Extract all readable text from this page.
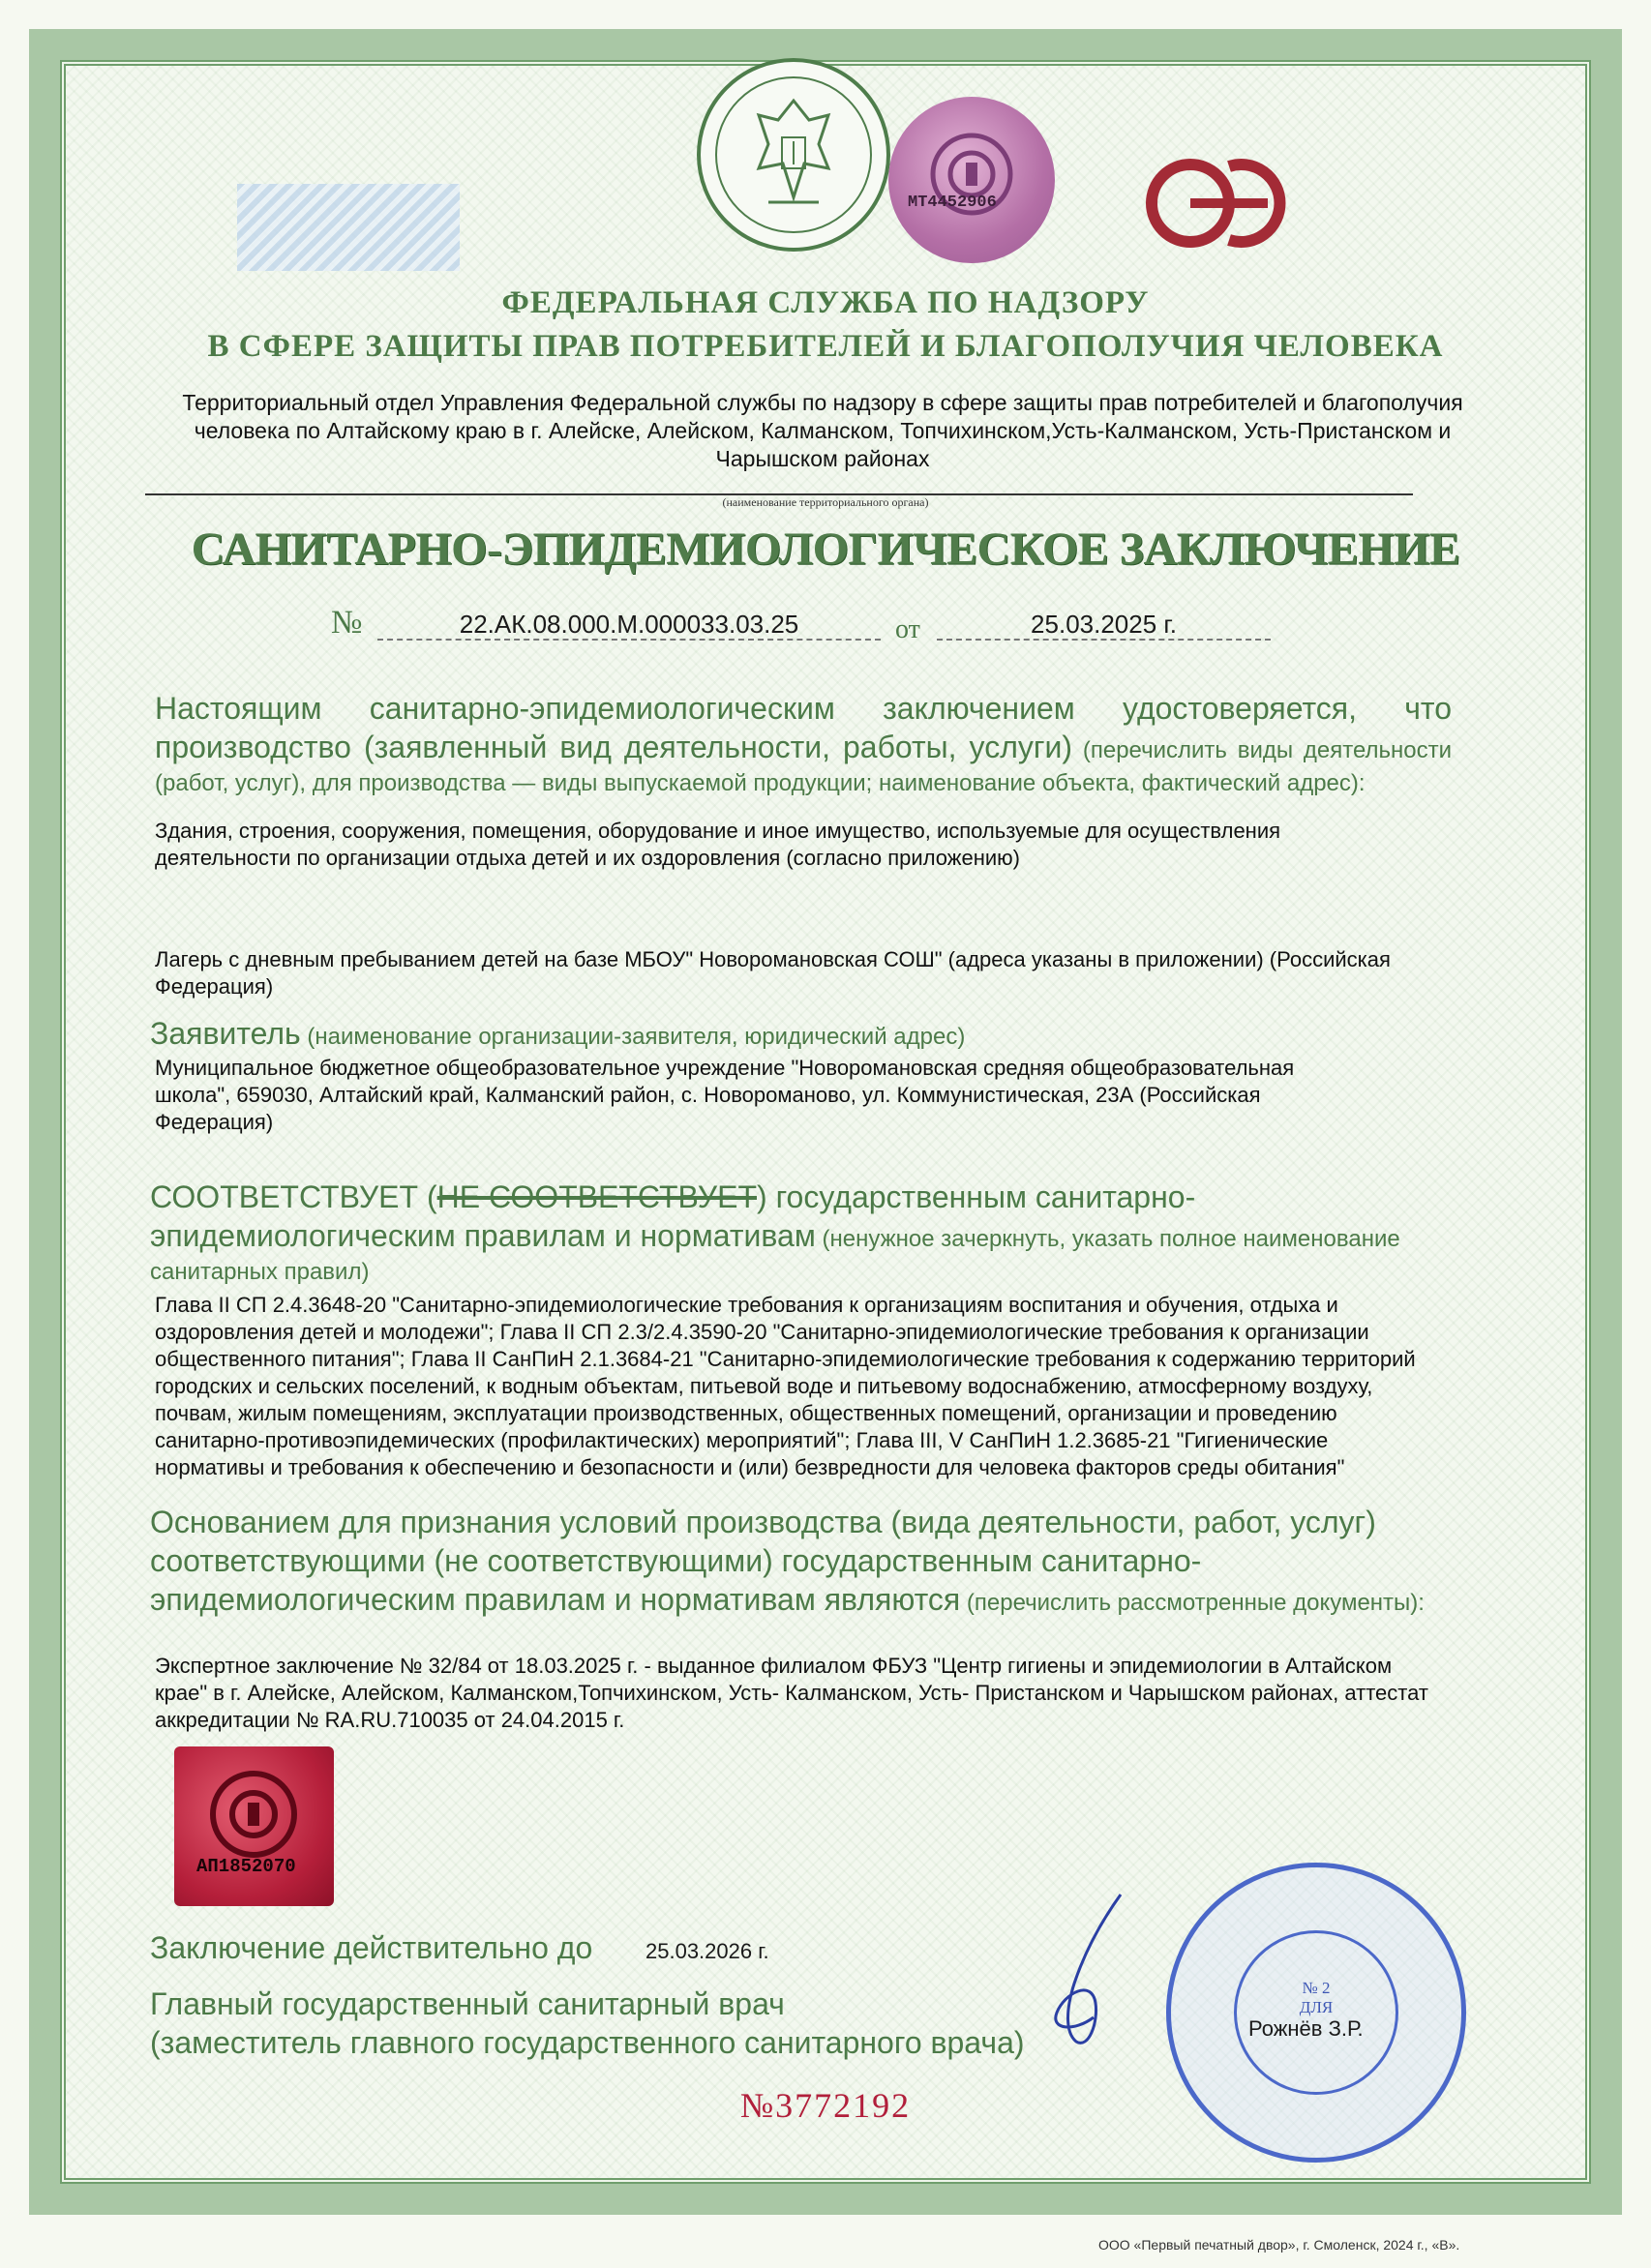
MT4452906
ФЕДЕРАЛЬНАЯ СЛУЖБА ПО НАДЗОРУ
В СФЕРЕ ЗАЩИТЫ ПРАВ ПОТРЕБИТЕЛЕЙ И БЛАГОПОЛУЧИЯ ЧЕЛОВЕКА
Территориальный отдел Управления Федеральной службы по надзору в сфере защиты прав потребителей и благополучия человека по Алтайскому краю в г. Алейске, Алейском, Калманском, Топчихинском,Усть-Калманском, Усть-Пристанском и Чарышском районах
(наименование территориального органа)
САНИТАРНО-ЭПИДЕМИОЛОГИЧЕСКОЕ ЗАКЛЮЧЕНИЕ
№	22.АК.08.000.М.000033.03.25	от	25.03.2025 г.
Настоящим санитарно-эпидемиологическим заключением удостоверяется, что производство (заявленный вид деятельности, работы, услуги) (перечислить виды деятельности (работ, услуг), для производства — виды выпускаемой продукции; наименование объекта, фактический адрес):
Здания, строения, сооружения, помещения, оборудование и иное имущество, используемые для осуществления деятельности по организации отдыха детей и их оздоровления (согласно приложению)
Лагерь с дневным пребыванием детей на базе МБОУ" Новоромановская СОШ" (адреса указаны в приложении) (Российская Федерация)
Заявитель (наименование организации-заявителя, юридический адрес)
Муниципальное бюджетное общеобразовательное учреждение "Новоромановская средняя общеобразовательная школа", 659030, Алтайский край, Калманский район, с. Новороманово, ул. Коммунистическая, 23А (Российская Федерация)
СООТВЕТСТВУЕТ (НЕ СООТВЕТСТВУЕТ) государственным санитарно-эпидемиологическим правилам и нормативам (ненужное зачеркнуть, указать полное наименование санитарных правил)
Глава II СП 2.4.3648-20 "Санитарно-эпидемиологические требования к организациям воспитания и обучения, отдыха и оздоровления детей и молодежи"; Глава II СП 2.3/2.4.3590-20 "Санитарно-эпидемиологические требования к организации общественного питания"; Глава II СанПиН 2.1.3684-21 "Санитарно-эпидемиологические требования к содержанию территорий городских и сельских поселений, к водным объектам, питьевой воде и питьевому водоснабжению, атмосферному воздуху, почвам, жилым помещениям, эксплуатации производственных, общественных помещений, организации и проведению санитарно-противоэпидемических (профилактических) мероприятий"; Глава III, V СанПиН 1.2.3685-21 "Гигиенические нормативы и требования к обеспечению и безопасности и (или) безвредности для человека факторов среды обитания"
Основанием для признания условий производства (вида деятельности, работ, услуг) соответствующими (не соответствующими) государственным санитарно-эпидемиологическим правилам и нормативам являются (перечислить рассмотренные документы):
Экспертное заключение № 32/84 от 18.03.2025 г. - выданное филиалом ФБУЗ "Центр гигиены и эпидемиологии в Алтайском крае" в г. Алейске, Алейском, Калманском,Топчихинском, Усть- Калманском, Усть- Пристанском и Чарышском районах, аттестат аккредитации № RA.RU.710035 от 24.04.2015 г.
АП1852070
Заключение действительно до 25.03.2026 г.
Главный государственный санитарный врач
(заместитель главного государственного санитарного врача)
№ 2
ДЛЯ
Рожнёв З.Р.
№3772192
ООО «Первый печатный двор», г. Смоленск, 2024 г., «В».
